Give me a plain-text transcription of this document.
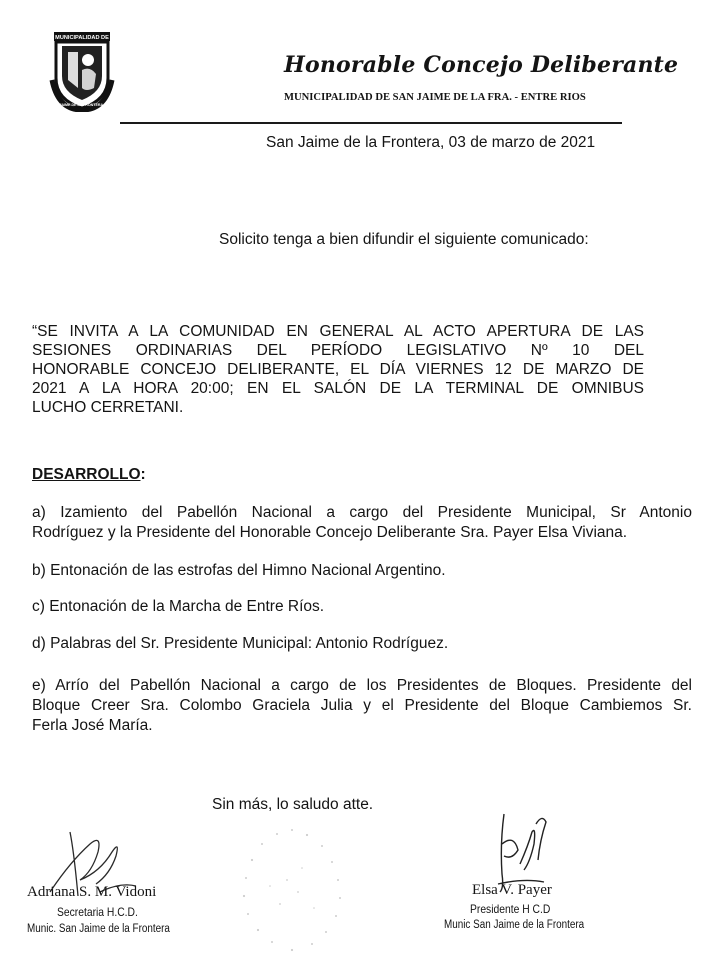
MUNICIPALIDAD DE
SAN JAIME DE LA FRONTERA · E.R.
Honorable Concejo Deliberante
MUNICIPALIDAD DE SAN JAIME DE LA FRA. - ENTRE RIOS
San Jaime de la Frontera, 03 de marzo de 2021
Solicito tenga a bien difundir el siguiente comunicado:
“SE INVITA A LA COMUNIDAD EN GENERAL AL ACTO APERTURA DE LAS
SESIONES ORDINARIAS DEL PERÍODO LEGISLATIVO Nº 10 DEL
HONORABLE CONCEJO DELIBERANTE, EL DÍA VIERNES 12 DE MARZO DE
2021 A LA HORA 20:00; EN EL SALÓN DE LA TERMINAL DE OMNIBUS
LUCHO CERRETANI.
DESARROLLO:
a) Izamiento del Pabellón Nacional a cargo del Presidente Municipal, Sr Antonio
Rodríguez y la Presidente del Honorable Concejo Deliberante Sra. Payer Elsa Viviana.
b) Entonación de las estrofas del Himno Nacional Argentino.
c) Entonación de la Marcha de Entre Ríos.
d) Palabras del Sr. Presidente Municipal: Antonio Rodríguez.
e) Arrío del Pabellón Nacional a cargo de los Presidentes de Bloques. Presidente del
Bloque Creer Sra. Colombo Graciela Julia y el Presidente del Bloque Cambiemos Sr.
Ferla José María.
Sin más, lo saludo atte.
Adriana S. M. Vidoni
Secretaria H.C.D.
Munic. San Jaime de la Frontera
Elsa V. Payer
Presidente H C.D
Munic San Jaime de la Frontera
